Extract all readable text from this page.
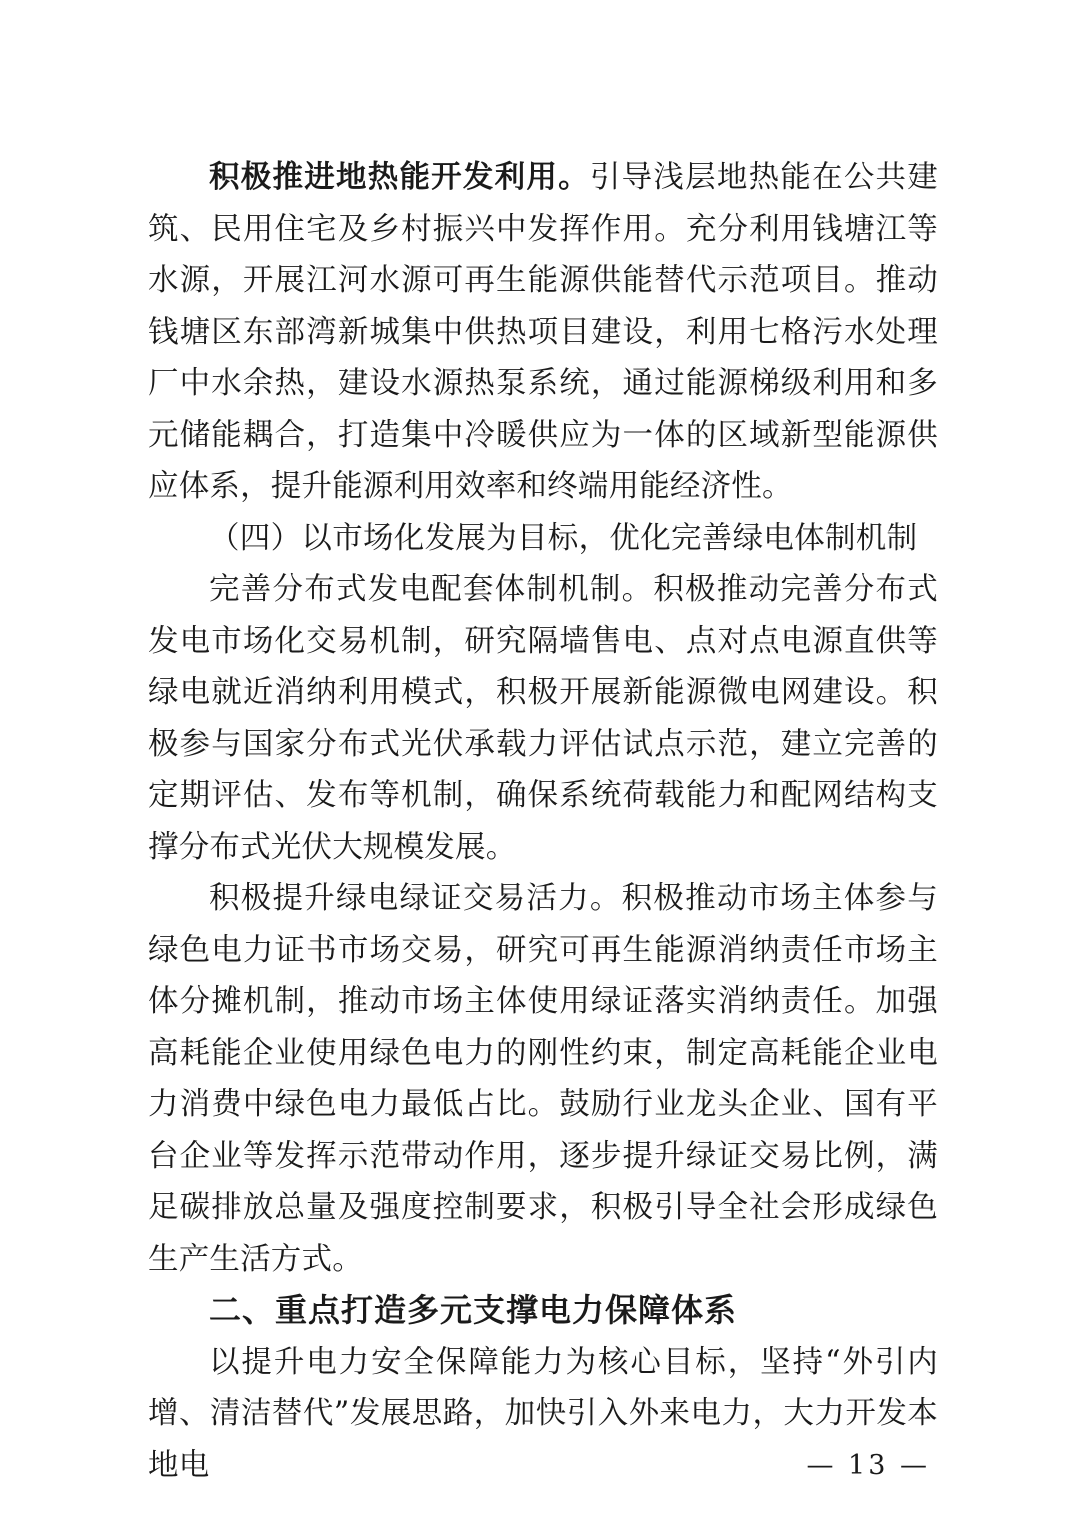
积极推进地热能开发利用。引导浅层地热能在公共建筑、民用住宅及乡村振兴中发挥作用。充分利用钱塘江等水源，开展江河水源可再生能源供能替代示范项目。推动钱塘区东部湾新城集中供热项目建设，利用七格污水处理厂中水余热，建设水源热泵系统，通过能源梯级利用和多元储能耦合，打造集中冷暖供应为一体的区域新型能源供应体系，提升能源利用效率和终端用能经济性。

（四）以市场化发展为目标，优化完善绿电体制机制

完善分布式发电配套体制机制。积极推动完善分布式发电市场化交易机制，研究隔墙售电、点对点电源直供等绿电就近消纳利用模式，积极开展新能源微电网建设。积极参与国家分布式光伏承载力评估试点示范，建立完善的定期评估、发布等机制，确保系统荷载能力和配网结构支撑分布式光伏大规模发展。

积极提升绿电绿证交易活力。积极推动市场主体参与绿色电力证书市场交易，研究可再生能源消纳责任市场主体分摊机制，推动市场主体使用绿证落实消纳责任。加强高耗能企业使用绿色电力的刚性约束，制定高耗能企业电力消费中绿色电力最低占比。鼓励行业龙头企业、国有平台企业等发挥示范带动作用，逐步提升绿证交易比例，满足碳排放总量及强度控制要求，积极引导全社会形成绿色生产生活方式。

二、重点打造多元支撑电力保障体系

以提升电力安全保障能力为核心目标，坚持“外引内增、清洁替代”发展思路，加快引入外来电力，大力开发本地电	— 13 —
